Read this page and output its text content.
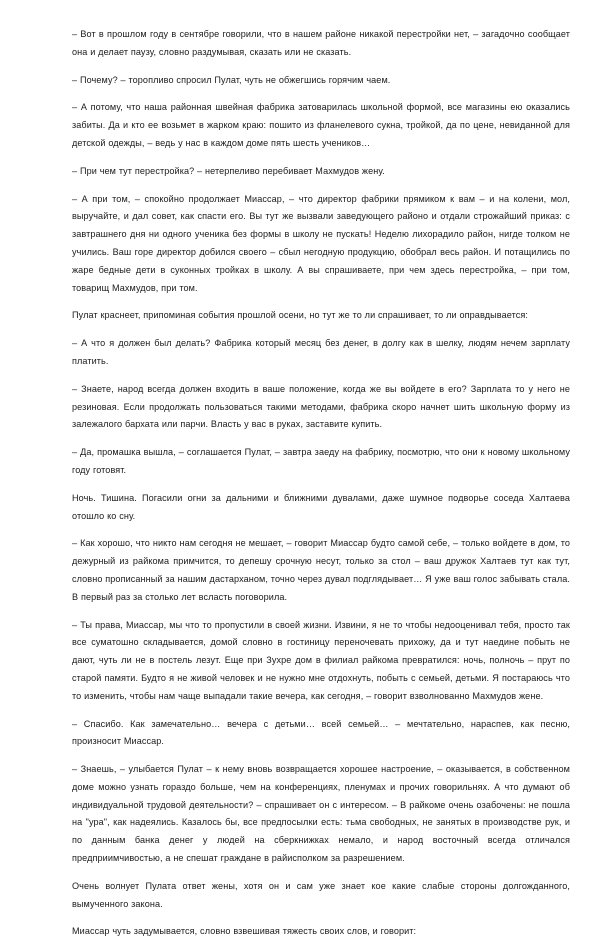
– Вот в прошлом году в сентябре говорили, что в нашем районе никакой перестройки нет, – загадочно сообщает она и делает паузу, словно раздумывая, сказать или не сказать.

– Почему? – торопливо спросил Пулат, чуть не обжегшись горячим чаем.

– А потому, что наша районная швейная фабрика затоварилась школьной формой, все магазины ею оказались забиты. Да и кто ее возьмет в жарком краю: пошито из фланелевого сукна, тройкой, да по цене, невиданной для детской одежды, – ведь у нас в каждом доме пять шесть учеников…

– При чем тут перестройка? – нетерпеливо перебивает Махмудов жену.

– А при том, – спокойно продолжает Миассар, – что директор фабрики прямиком к вам – и на колени, мол, выручайте, и дал совет, как спасти его. Вы тут же вызвали заведующего районо и отдали строжайший приказ: с завтрашнего дня ни одного ученика без формы в школу не пускать! Неделю лихорадило район, нигде толком не учились. Ваш горе директор добился своего – сбыл негодную продукцию, обобрал весь район. И потащились по жаре бедные дети в суконных тройках в школу. А вы спрашиваете, при чем здесь перестройка, – при том, товарищ Махмудов, при том.

Пулат краснеет, припоминая события прошлой осени, но тут же то ли спрашивает, то ли оправдывается:

– А что я должен был делать? Фабрика который месяц без денег, в долгу как в шелку, людям нечем зарплату платить.

– Знаете, народ всегда должен входить в ваше положение, когда же вы войдете в его? Зарплата то у него не резиновая. Если продолжать пользоваться такими методами, фабрика скоро начнет шить школьную форму из залежалого бархата или парчи. Власть у вас в руках, заставите купить.

– Да, промашка вышла, – соглашается Пулат, – завтра заеду на фабрику, посмотрю, что они к новому школьному году готовят.

Ночь. Тишина. Погасили огни за дальними и ближними дувалами, даже шумное подворье соседа Халтаева отошло ко сну.

– Как хорошо, что никто нам сегодня не мешает, – говорит Миассар будто самой себе, – только войдете в дом, то дежурный из райкома примчится, то депешу срочную несут, только за стол – ваш дружок Халтаев тут как тут, словно прописанный за нашим дастарханом, точно через дувал подглядывает… Я уже ваш голос забывать стала. В первый раз за столько лет всласть поговорила.

– Ты права, Миассар, мы что то пропустили в своей жизни. Извини, я не то чтобы недооценивал тебя, просто так все суматошно складывается, домой словно в гостиницу переночевать прихожу, да и тут наедине побыть не дают, чуть ли не в постель лезут. Еще при Зухре дом в филиал райкома превратился: ночь, полночь – прут по старой памяти. Будто я не живой человек и не нужно мне отдохнуть, побыть с семьей, детьми. Я постараюсь что то изменить, чтобы нам чаще выпадали такие вечера, как сегодня, – говорит взволнованно Махмудов жене.

– Спасибо. Как замечательно… вечера с детьми… всей семьей… – мечтательно, нараспев, как песню, произносит Миассар.

– Знаешь, – улыбается Пулат – к нему вновь возвращается хорошее настроение, – оказывается, в собственном доме можно узнать гораздо больше, чем на конференциях, пленумах и прочих говорильнях. А что думают об индивидуальной трудовой деятельности? – спрашивает он с интересом. – В райкоме очень озабочены: не пошла на "ура", как надеялись. Казалось бы, все предпосылки есть: тьма свободных, не занятых в производстве рук, и по данным банка денег у людей на сберкнижках немало, и народ восточный всегда отличался предприимчивостью, а не спешат граждане в райисполком за разрешением.

Очень волнует Пулата ответ жены, хотя он и сам уже знает кое какие слабые стороны долгожданного, вымученного закона.

Миассар чуть задумывается, словно взвешивая тяжесть своих слов, и говорит:
